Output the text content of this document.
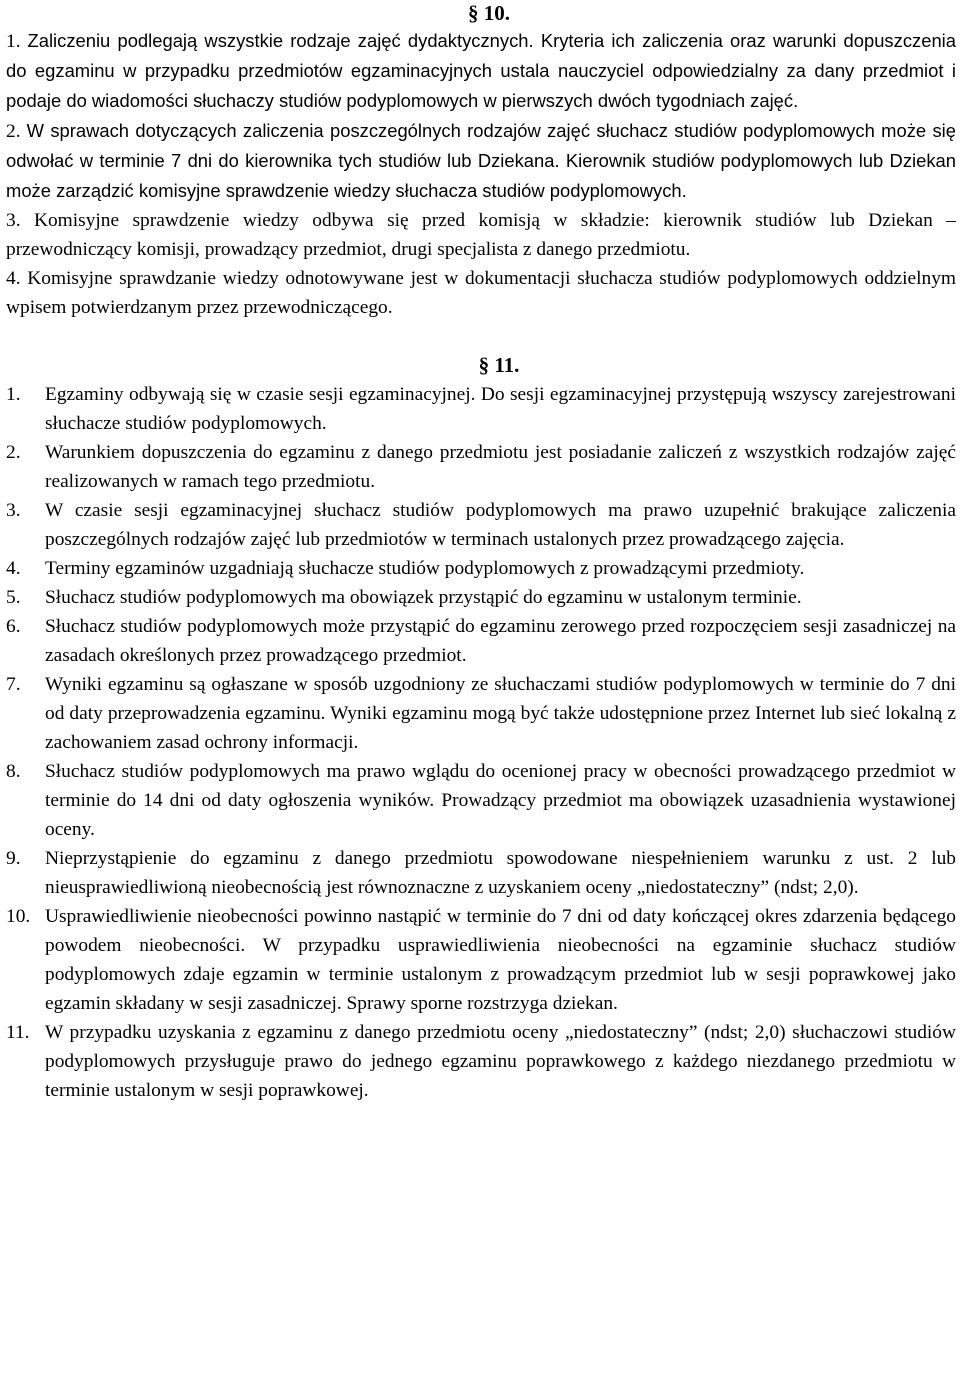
§ 10.

1. Zaliczeniu podlegają wszystkie rodzaje zajęć dydaktycznych. Kryteria ich zaliczenia oraz warunki dopuszczenia do egzaminu w przypadku przedmiotów egzaminacyjnych ustala nauczyciel odpowiedzialny za dany przedmiot i podaje do wiadomości słuchaczy studiów podyplomowych w pierwszych dwóch tygodniach zajęć.

2. W sprawach dotyczących zaliczenia poszczególnych rodzajów zajęć słuchacz studiów podyplomowych może się odwołać w terminie 7 dni do kierownika tych studiów lub Dziekana. Kierownik studiów podyplomowych lub Dziekan może zarządzić komisyjne sprawdzenie wiedzy słuchacza studiów podyplomowych.

3. Komisyjne sprawdzenie wiedzy odbywa się przed komisją w składzie: kierownik studiów lub Dziekan – przewodniczący komisji, prowadzący przedmiot, drugi specjalista z danego przedmiotu.

4. Komisyjne sprawdzanie wiedzy odnotowywane jest w dokumentacji słuchacza studiów podyplomowych oddzielnym wpisem potwierdzanym przez przewodniczącego.

§ 11.
1. Egzaminy odbywają się w czasie sesji egzaminacyjnej. Do sesji egzaminacyjnej przystępują wszyscy zarejestrowani słuchacze studiów podyplomowych.
2. Warunkiem dopuszczenia do egzaminu z danego przedmiotu jest posiadanie zaliczeń z wszystkich rodzajów zajęć realizowanych w ramach tego przedmiotu.
3. W czasie sesji egzaminacyjnej słuchacz studiów podyplomowych ma prawo uzupełnić brakujące zaliczenia poszczególnych rodzajów zajęć lub przedmiotów w terminach ustalonych przez prowadzącego zajęcia.
4. Terminy egzaminów uzgadniają słuchacze studiów podyplomowych z prowadzącymi przedmioty.
5. Słuchacz studiów podyplomowych ma obowiązek przystąpić do egzaminu w ustalonym terminie.
6. Słuchacz studiów podyplomowych może przystąpić do egzaminu zerowego przed rozpoczęciem sesji zasadniczej na zasadach określonych przez prowadzącego przedmiot.
7. Wyniki egzaminu są ogłaszane w sposób uzgodniony ze słuchaczami studiów podyplomowych w terminie do 7 dni od daty przeprowadzenia egzaminu. Wyniki egzaminu mogą być także udostępnione przez Internet lub sieć lokalną z zachowaniem zasad ochrony informacji.
8. Słuchacz studiów podyplomowych ma prawo wglądu do ocenionej pracy w obecności prowadzącego przedmiot w terminie do 14 dni od daty ogłoszenia wyników. Prowadzący przedmiot ma obowiązek uzasadnienia wystawionej oceny.
9. Nieprzystąpienie do egzaminu z danego przedmiotu spowodowane niespełnieniem warunku z ust. 2 lub nieusprawiedliwioną nieobecnością jest równoznaczne z uzyskaniem oceny „niedostateczny” (ndst; 2,0).
10. Usprawiedliwienie nieobecności powinno nastąpić w terminie do 7 dni od daty kończącej okres zdarzenia będącego powodem nieobecności. W przypadku usprawiedliwienia nieobecności na egzaminie słuchacz studiów podyplomowych zdaje egzamin w terminie ustalonym z prowadzącym przedmiot lub w sesji poprawkowej jako egzamin składany w sesji zasadniczej. Sprawy sporne rozstrzyga dziekan.
11. W przypadku uzyskania z egzaminu z danego przedmiotu oceny „niedostateczny” (ndst; 2,0) słuchaczowi studiów podyplomowych przysługuje prawo do jednego egzaminu poprawkowego z każdego niezdanego przedmiotu w terminie ustalonym w sesji poprawkowej.
